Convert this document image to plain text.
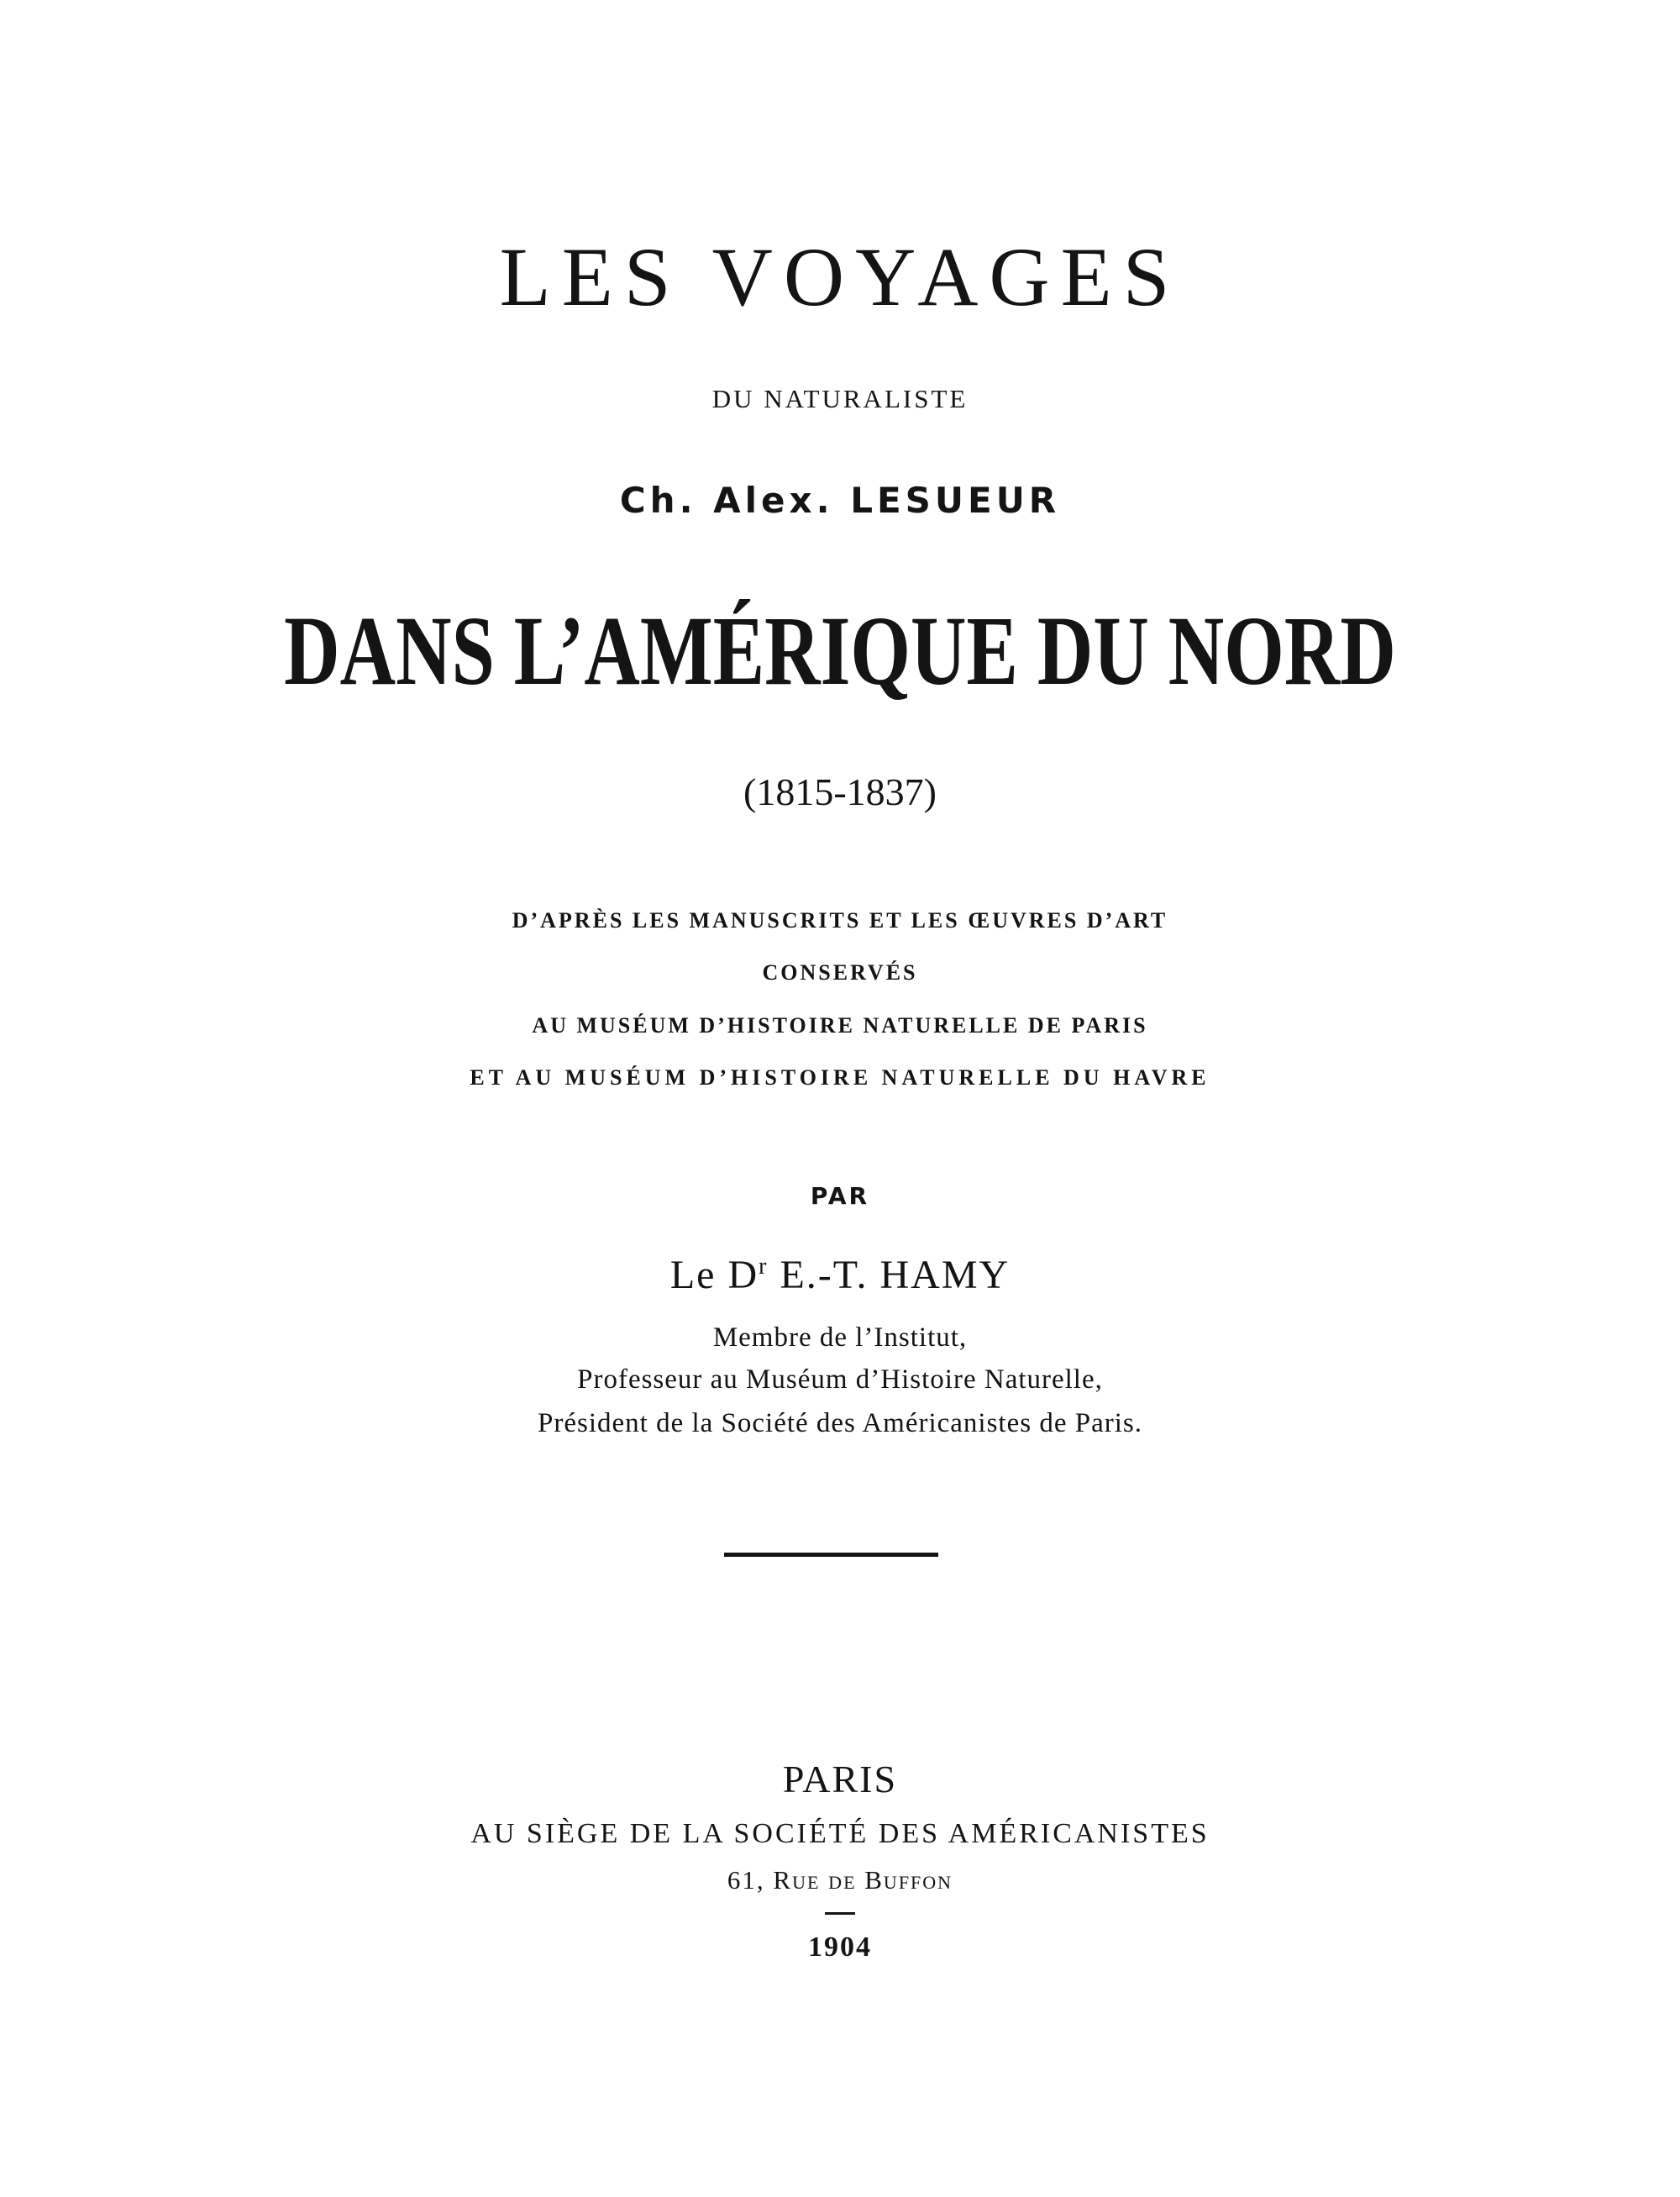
LES VOYAGES
DU NATURALISTE
Ch. Alex. LESUEUR
DANS L’AMÉRIQUE DU NORD
(1815-1837)
D’APRÈS LES MANUSCRITS ET LES ŒUVRES D’ART
CONSERVÉS
AU MUSÉUM D’HISTOIRE NATURELLE DE PARIS
ET AU MUSÉUM D’HISTOIRE NATURELLE DU HAVRE
PAR
Le $D^r$ E.-T. HAMY
Membre de l’Institut,
Professeur au Muséum d’Histoire Naturelle,
Président de la Société des Américanistes de Paris.
PARIS
AU SIÈGE DE LA SOCIÉTÉ DES AMÉRICANISTES
61, Rue de Buffon
1904
